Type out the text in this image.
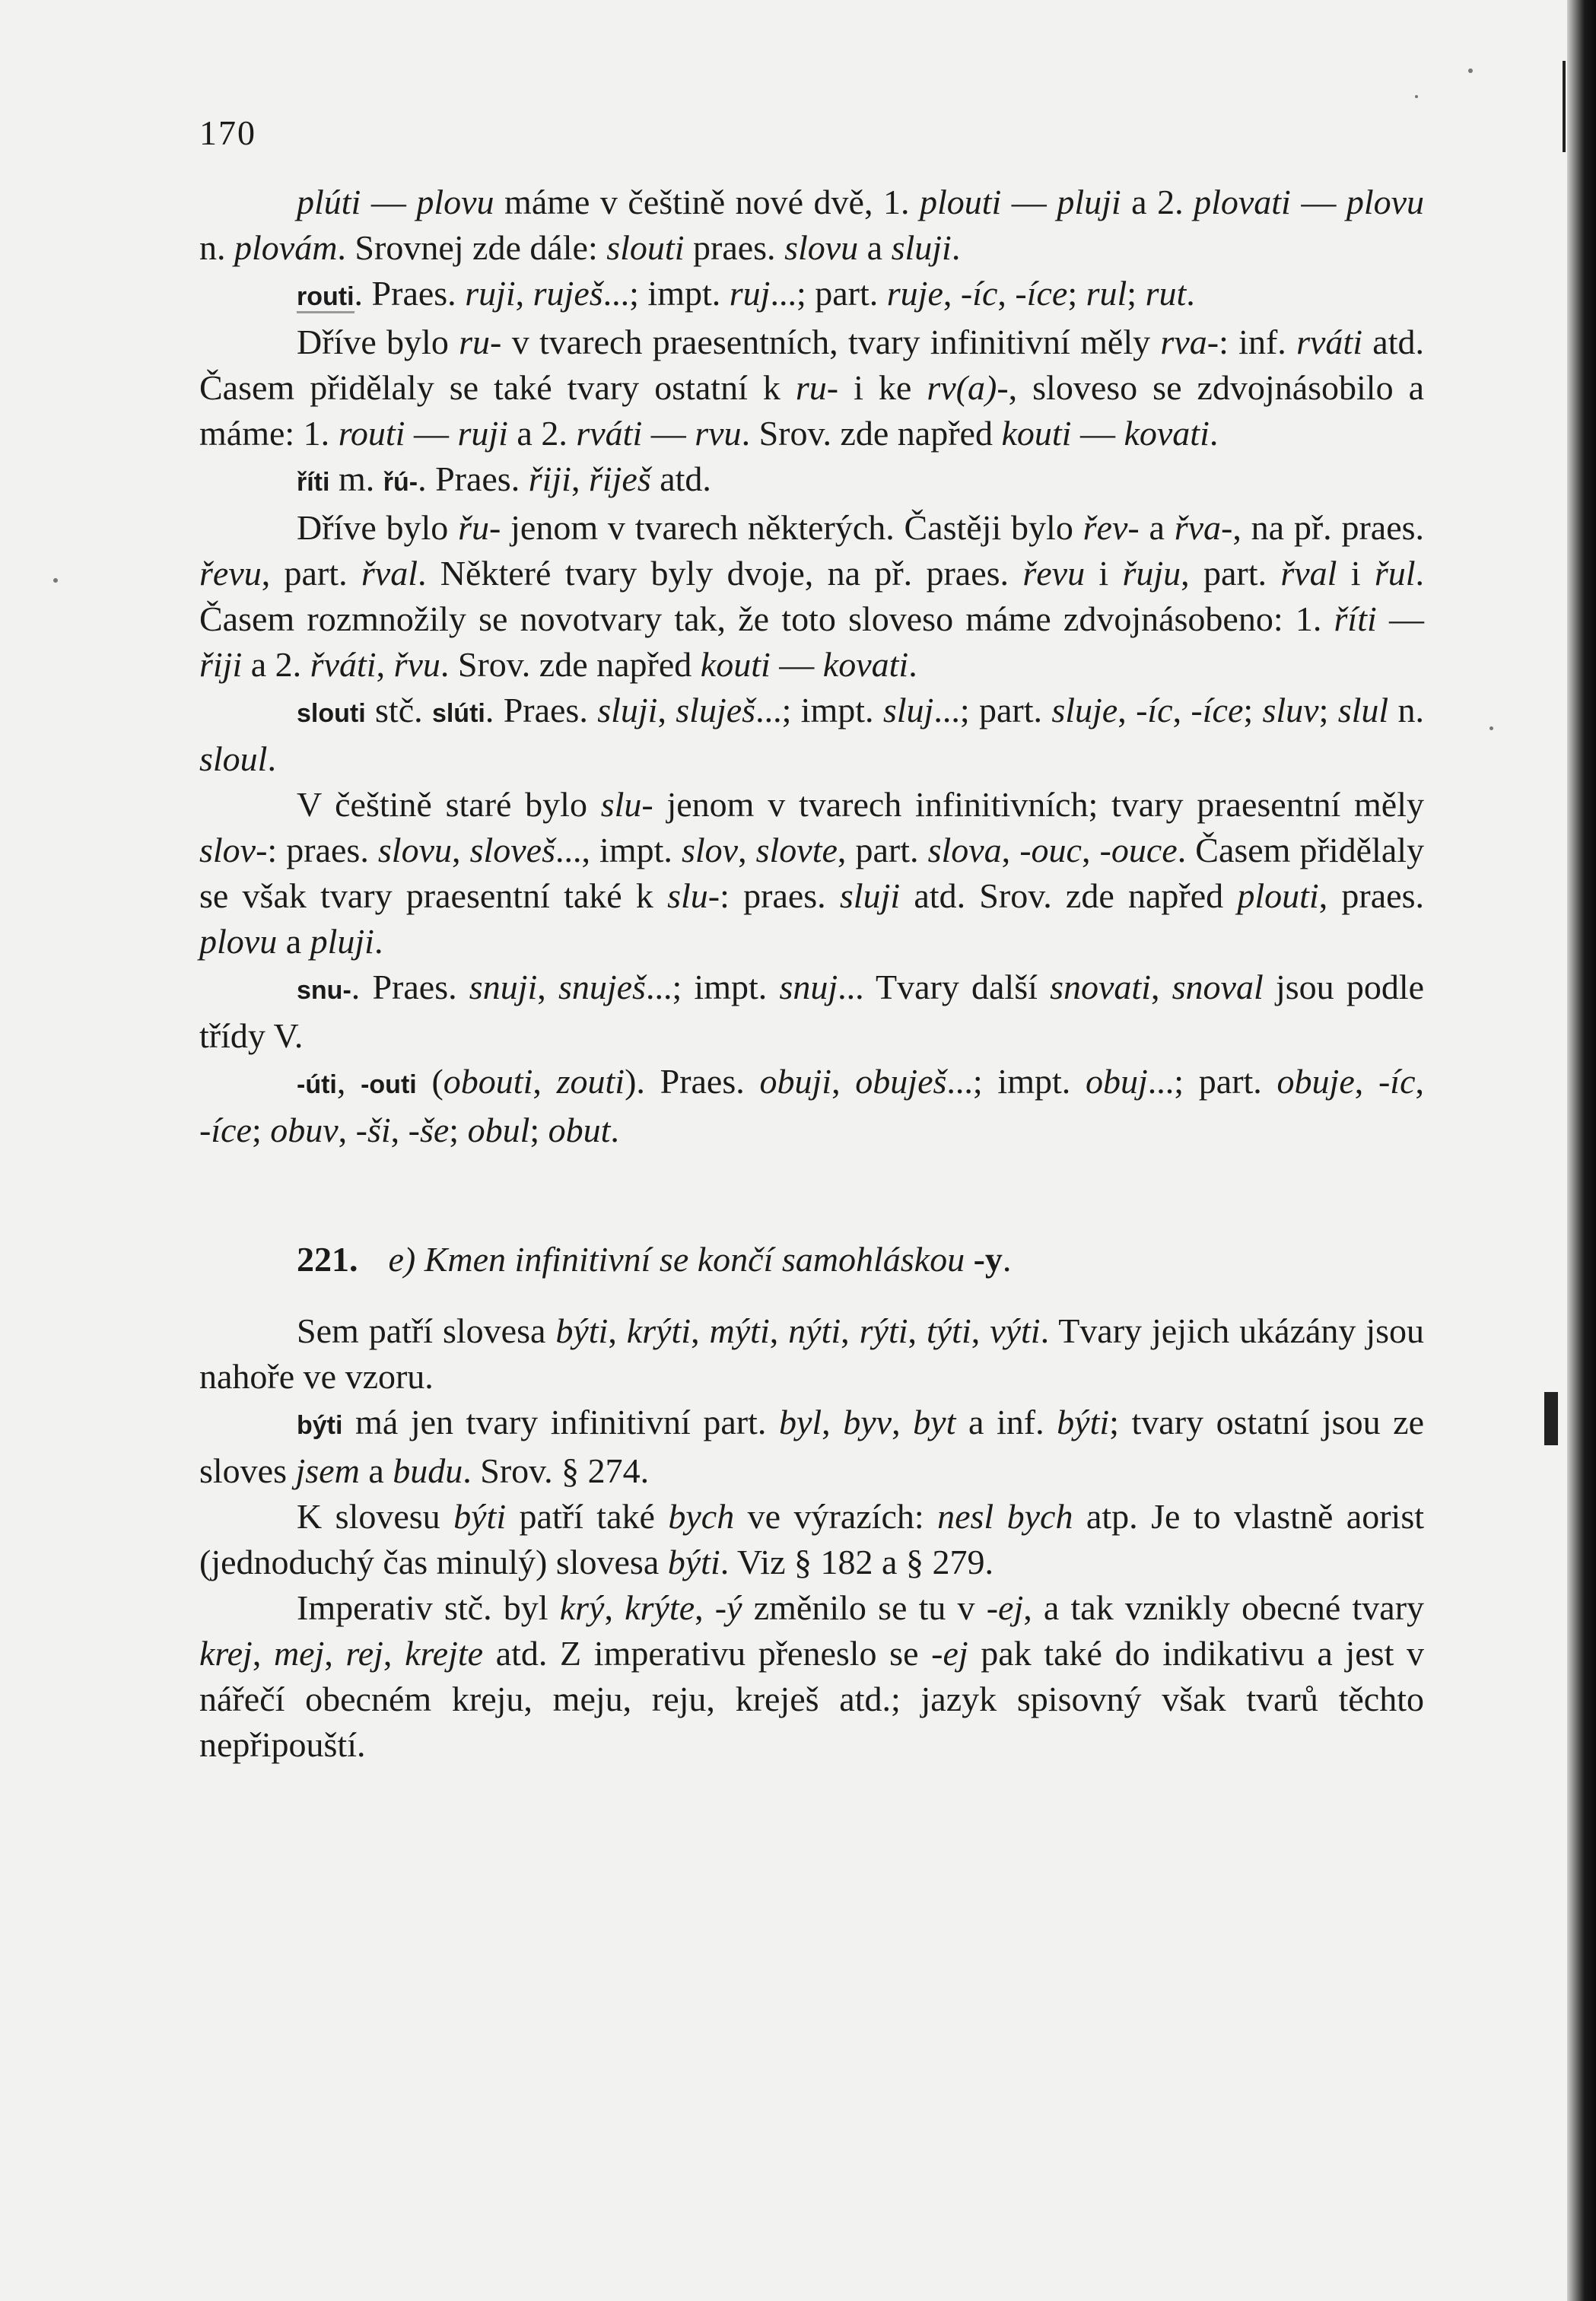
170

plúti — plovu máme v češtině nové dvě, 1. plouti — pluji a 2. plovati — plovu n. plovám. Srovnej zde dále: slouti praes. slovu a sluji.

routi. Praes. ruji, ruješ...; impt. ruj...; part. ruje, -íc, -íce; rul; rut.

Dříve bylo ru- v tvarech praesentních, tvary infinitivní měly rva-: inf. rváti atd. Časem přidělaly se také tvary ostatní k ru- i ke rv(a)-, sloveso se zdvojnásobilo a máme: 1. routi — ruji a 2. rváti — rvu. Srov. zde napřed kouti — kovati.

říti m. řú-. Praes. řiji, řiješ atd.

Dříve bylo řu- jenom v tvarech některých. Častěji bylo řev- a řva-, na př. praes. řevu, part. řval. Některé tvary byly dvoje, na př. praes. řevu i řuju, part. řval i řul. Časem rozmnožily se novotvary tak, že toto sloveso máme zdvojnásobeno: 1. říti — řiji a 2. řváti, řvu. Srov. zde napřed kouti — kovati.

slouti stč. slúti. Praes. sluji, sluješ...; impt. sluj...; part. sluje, -íc, -íce; sluv; slul n. sloul.

V češtině staré bylo slu- jenom v tvarech infinitivních; tvary praesentní měly slov-: praes. slovu, sloveš..., impt. slov, slovte, part. slova, -ouc, -ouce. Časem přidělaly se však tvary praesentní také k slu-: praes. sluji atd. Srov. zde napřed plouti, praes. plovu a pluji.

snu-. Praes. snuji, snuješ...; impt. snuj... Tvary další snovati, snoval jsou podle třídy V.

-úti, -outi (obouti, zouti). Praes. obuji, obuješ...; impt. obuj...; part. obuje, -íc, -íce; obuv, -ši, -še; obul; obut.

221. e) Kmen infinitivní se končí samohláskou -y.

Sem patří slovesa býti, krýti, mýti, nýti, rýti, týti, výti. Tvary jejich ukázány jsou nahoře ve vzoru.

býti má jen tvary infinitivní part. byl, byv, byt a inf. býti; tvary ostatní jsou ze sloves jsem a budu. Srov. § 274.

K slovesu býti patří také bych ve výrazích: nesl bych atp. Je to vlastně aorist (jednoduchý čas minulý) slovesa býti. Viz § 182 a § 279.

Imperativ stč. byl krý, krýte, -ý změnilo se tu v -ej, a tak vznikly obecné tvary krej, mej, rej, krejte atd. Z imperativu přeneslo se -ej pak také do indikativu a jest v nářečí obecném kreju, meju, reju, kreješ atd.; jazyk spisovný však tvarů těchto nepřipouští.
